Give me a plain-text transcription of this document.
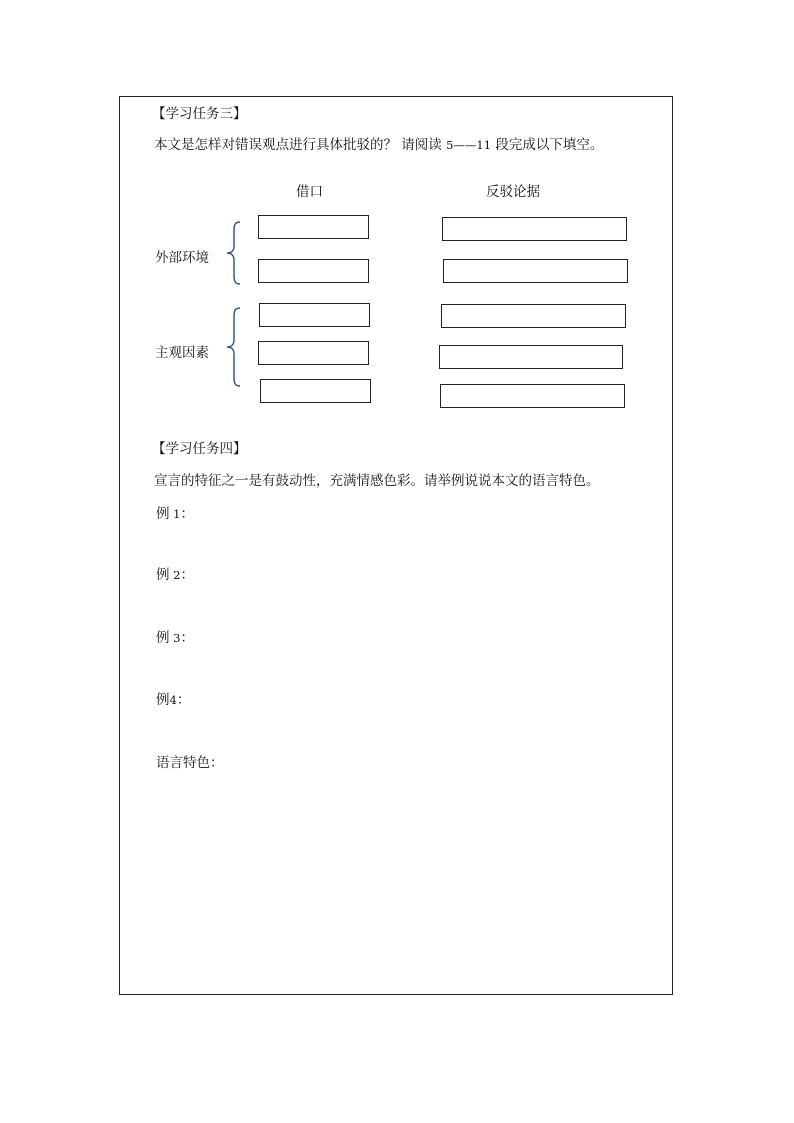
【学习任务三】
本文是怎样对错误观点进行具体批驳的？ 请阅读 5——11 段完成以下填空。
借口	反驳论据
外部环境
主观因素
【学习任务四】
宣言的特征之一是有鼓动性，充满情感色彩。请举例说说本文的语言特色。
例 1：
例 2：
例 3：
例4：
语言特色：
